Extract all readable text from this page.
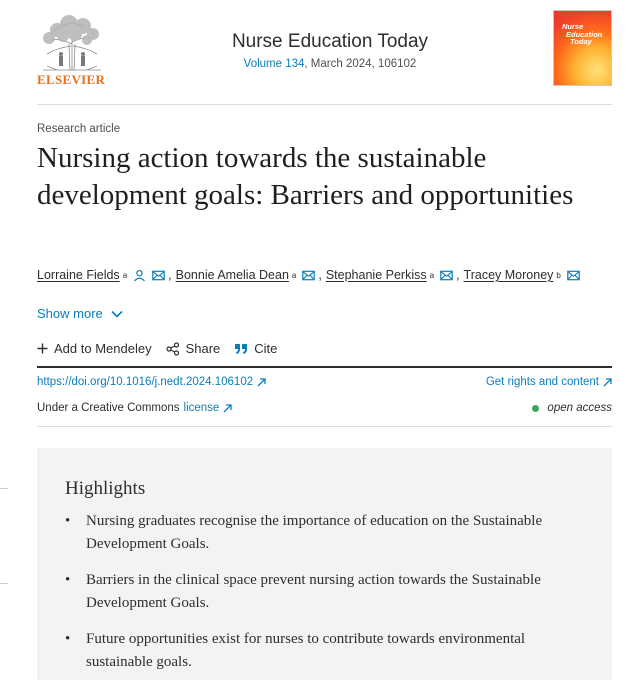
ELSEVIER
Nurse Education Today
Volume 134, March 2024, 106102
Nurse
Education
Today
Research article
Nursing action towards the sustainable development goals: Barriers and opportunities
Lorraine Fields a	, Bonnie Amelia Dean a , Stephanie Perkiss a , Tracey Moroney b
Show more
Add to Mendeley	Share	Cite
https://doi.org/10.1016/j.nedt.2024.106102	Get rights and content
Under a Creative Commons license	open access
Highlights
• Nursing graduates recognise the importance of education on the Sustainable Development Goals.
• Barriers in the clinical space prevent nursing action towards the Sustainable Development Goals.
• Future opportunities exist for nurses to contribute towards environmental sustainable goals.
